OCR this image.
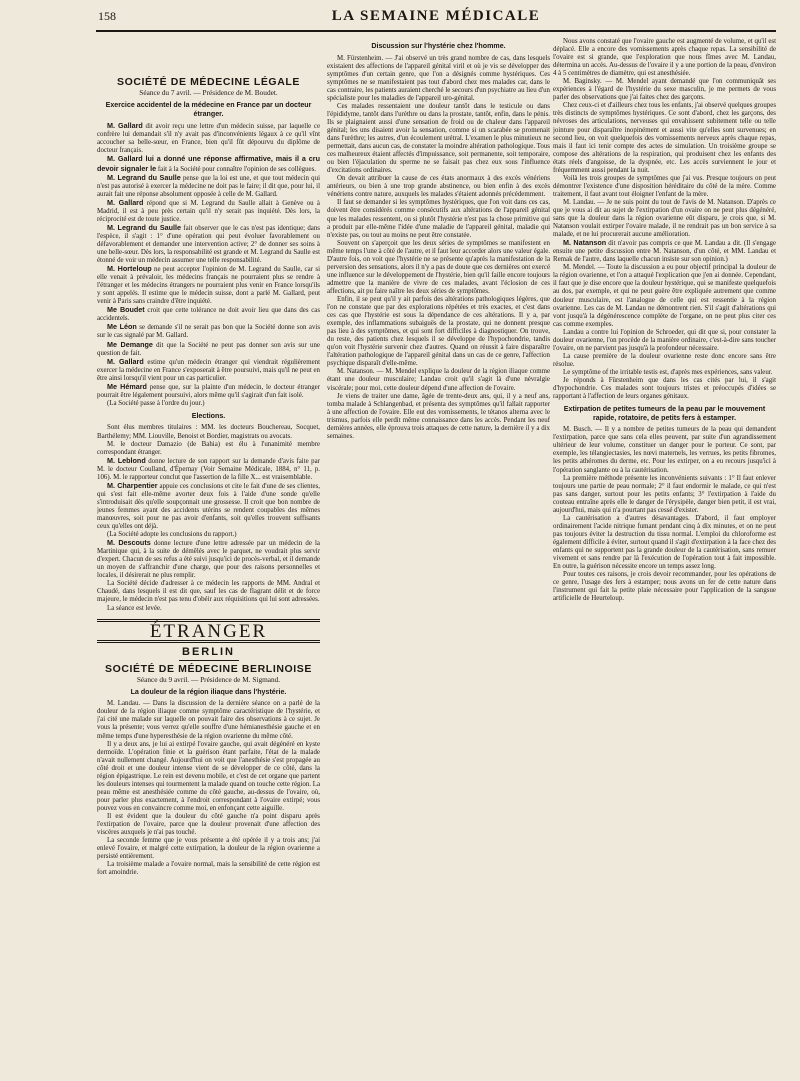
158	LA SEMAINE MÉDICALE
SOCIÉTÉ DE MÉDECINE LÉGALE
Séance du 7 avril. — Présidence de M. Boudet.
Exercice accidentel de la médecine en France par un docteur étranger.

M. Gallard dit avoir reçu une lettre d'un médecin suisse, par laquelle ce confrère lui demandait s'il n'y avait pas d'inconvénients légaux à ce qu'il vînt accoucher sa belle-sœur, en France, bien qu'il fût dépourvu du diplôme de docteur français.

M. Gallard lui a donné une réponse affirmative, mais il a cru devoir signaler le fait à la Société pour connaître l'opinion de ses collègues.

M. Legrand du Saulle pense que la loi est une, et que tout médecin qui n'est pas autorisé à exercer la médecine ne doit pas le faire; il dit que, pour lui, il aurait fait une réponse absolument opposée à celle de M. Gallard.

M. Gallard répond que si M. Legrand du Saulle allait à Genève ou à Madrid, il est à peu près certain qu'il n'y serait pas inquiété. Dès lors, la réciprocité est de toute justice.

M. Legrand du Saulle fait observer que le cas n'est pas identique; dans l'espèce, il s'agit : 1° d'une opération qui peut évoluer favorablement ou défavorablement et demander une intervention active; 2° de donner ses soins à une belle-sœur. Dès lors, la responsabilité est grande et M. Legrand du Saulle est étonné de voir un médecin assumer une telle responsabilité.

M. Horteloup ne peut accepter l'opinion de M. Legrand du Saulle, car si elle venait à prévaloir, les médecins français ne pourraient plus se rendre à l'étranger et les médecins étrangers ne pourraient plus venir en France lorsqu'ils y sont appelés. Il estime que le médecin suisse, dont a parlé M. Gallard, peut venir à Paris sans craindre d'être inquiété.

Me Boudet croit que cette tolérance ne doit avoir lieu que dans des cas accidentels.

Me Léon se demande s'il ne serait pas bon que la Société donne son avis sur le cas signalé par M. Gallard.

Me Demange dit que la Société ne peut pas donner son avis sur une question de fait.

M. Gallard estime qu'un médecin étranger qui viendrait régulièrement exercer la médecine en France s'exposerait à être poursuivi, mais qu'il ne peut en être ainsi lorsqu'il vient pour un cas particulier.

Me Hémard pense que, sur la plainte d'un médecin, le docteur étranger pourrait être légalement poursuivi, alors même qu'il s'agirait d'un fait isolé.

(La Société passe à l'ordre du jour.)

Elections.

Sont élus membres titulaires : MM. les docteurs Bouchereau, Socquet, Barthélemy; MM. Liouville, Benoist et Bordier, magistrats ou avocats.

M. le docteur Damazio (de Bahia) est élu à l'unanimité membre correspondant étranger.

M. Leblond donne lecture de son rapport sur la demande d'avis faite par M. le docteur Coulland, d'Épernay (Voir Semaine Médicale, 1884, n° 11, p. 106). M. le rapporteur conclut que l'assertion de la fille X... est vraisemblable.

M. Charpentier appuie ces conclusions et cite le fait d'une de ses clientes, qui s'est fait elle-même avorter deux fois à l'aide d'une sonde qu'elle s'introduisait dès qu'elle soupçonnait une grossesse. Il croit que bon nombre de jeunes femmes ayant des accidents utérins se rendent coupables des mêmes manœuvres, soit pour ne pas avoir d'enfants, soit qu'elles trouvent suffisants ceux qu'elles ont déjà.

(La Société adopte les conclusions du rapport.)

M. Descouts donne lecture d'une lettre adressée par un médecin de la Martinique qui, à la suite de démêlés avec le parquet, ne voudrait plus servir d'expert. Chacun de ses refus a été suivi jusqu'ici de procès-verbal, et il demande un moyen de s'affranchir d'une charge, que pour des raisons personnelles et locales, il désirerait ne plus remplir.

La Société décide d'adresser à ce médecin les rapports de MM. Andral et Chaudé, dans lesquels il est dit que, sauf les cas de flagrant délit et de force majeure, le médecin n'est pas tenu d'obéir aux réquisitions qui lui sont adressées.

La séance est levée.

ÉTRANGER
BERLIN
SOCIÉTÉ DE MÉDECINE BERLINOISE
Séance du 9 avril. — Présidence de M. Sigmand.
La douleur de la région iliaque dans l'hystérie.

M. Landau. — Dans la discussion de la dernière séance on a parlé de la douleur de la région iliaque comme symptôme caractéristique de l'hystérie, et j'ai cité une malade sur laquelle on pouvait faire des observations à ce sujet. Je vous la présente; vous verrez qu'elle souffre d'une hémianesthésie gauche et en même temps d'une hyperesthésie de la région ovarienne du même côté.

Il y a deux ans, je lui ai extirpé l'ovaire gauche, qui avait dégénéré en kyste dermoïde. L'opération finie et la guérison étant parfaite, l'état de la malade n'avait nullement changé. Aujourd'hui on voit que l'anesthésie s'est propagée au côté droit et une douleur intense vient de se développer de ce côté, dans la région épigastrique. Le rein est devenu mobile, et c'est de cet organe que partent les douleurs intenses qui tourmentent la malade quand on touche cette région. La peau même est anesthésiée comme du côté gauche, au-dessus de l'ovaire, où, pour parler plus exactement, à l'endroit correspondant à l'ovaire extirpé; vous pouvez vous en convaincre comme moi, en enfonçant cette aiguille.

Il est évident que la douleur du côté gauche n'a point disparu après l'extirpation de l'ovaire, parce que la douleur provenait d'une affection des viscères auxquels je n'ai pas touché.

La seconde femme que je vous présente a été opérée il y a trois ans; j'ai enlevé l'ovaire, et malgré cette extirpation, la douleur de la région ovarienne a persisté entièrement.

La troisième malade a l'ovaire normal, mais la sensibilité de cette région est fort amoindrie.

Discussion sur l'hystérie chez l'homme.

M. Fürstenheim. — J'ai observé un très grand nombre de cas, dans lesquels existaient des affections de l'appareil génital viril et où je vis se développer des symptômes d'un certain genre, que l'on a désignés comme hystériques. Ces symptômes ne se manifestaient pas tout d'abord chez mes malades car, dans le cas contraire, les patients auraient cherché le secours d'un psychiatre au lieu d'un spécialiste pour les maladies de l'appareil uro-génital.

Ces malades ressentaient une douleur tantôt dans le testicule ou dans l'épididyme, tantôt dans l'urèthre ou dans la prostate, tantôt, enfin, dans le pénis. Ils se plaignaient aussi d'une sensation de froid ou de chaleur dans l'appareil génital; les uns disaient avoir la sensation, comme si un scarabée se promenait dans l'urèthre; les autres, d'un écoulement urétral. L'examen le plus minutieux ne permettait, dans aucun cas, de constater la moindre altération pathologique. Tous ces malheureux étaient affectés d'impuissance, soit permanente, soit temporaire, ou bien l'éjaculation du sperme ne se faisait pas chez eux sous l'influence d'excitations ordinaires.

On devait attribuer la cause de ces états anormaux à des excès vénériens antérieurs, ou bien à une trop grande abstinence, ou bien enfin à des excès vénériens contre nature, auxquels les malades s'étaient adonnés précédemment.

Il faut se demander si les symptômes hystériques, que l'on voit dans ces cas, doivent être considérés comme consécutifs aux altérations de l'appareil génital que les malades ressentent, ou si plutôt l'hystérie n'est pas la chose primitive qui a produit par elle-même l'idée d'une maladie de l'appareil génital, maladie qui n'existe pas, ou tout au moins ne peut être constatée.

Souvent on s'aperçoit que les deux séries de symptômes se manifestent en même temps l'une à côté de l'autre, et il faut leur accorder alors une valeur égale. D'autre fois, on voit que l'hystérie ne se présente qu'après la manifestation de la perversion des sensations, alors il n'y a pas de doute que ces dernières ont exercé une influence sur le développement de l'hystérie, bien qu'il faille encore toujours admettre que la manière de vivre de ces malades, avant l'éclosion de ces affections, ait pu faire naître les deux séries de symptômes.

Enfin, il se peut qu'il y ait parfois des altérations pathologiques légères, que l'on ne constate que par des explorations répétées et très exactes, et c'est dans ces cas que l'hystérie est sous la dépendance de ces altérations. Il y a, par exemple, des inflammations subaiguës de la prostate, qui ne donnent presque pas lieu à des symptômes, et qui sont fort difficiles à diagnostiquer. On trouve, du reste, des patients chez lesquels il se développe de l'hypochondrie, tandis qu'on voit l'hystérie survenir chez d'autres. Quand on réussit à faire disparaître l'altération pathologique de l'appareil génital dans un cas de ce genre, l'affection psychique disparaît d'elle-même.

M. Natanson. — M. Mendel explique la douleur de la région iliaque comme étant une douleur musculaire; Landau croit qu'il s'agit là d'une névralgie viscérale; pour moi, cette douleur dépend d'une affection de l'ovaire.

Je viens de traiter une dame, âgée de trente-deux ans, qui, il y a neuf ans, tomba malade à Schlangenbad, et présenta des symptômes qu'il fallait rapporter à une affection de l'ovaire. Elle eut des vomissements, le tétanos alterna avec le trismus, parfois elle perdit même connaissance dans les accès. Pendant les neuf dernières années, elle éprouva trois attaques de cette nature, la dernière il y a dix semaines.

Nous avons constaté que l'ovaire gauche est augmenté de volume, et qu'il est déplacé. Elle a encore des vomissements après chaque repas. La sensibilité de l'ovaire est si grande, que l'exploration que nous fîmes avec M. Landau, détermina un accès. Au-dessus de l'ovaire il y a une portion de la peau, d'environ 4 à 5 centimètres de diamètre, qui est anesthésiée.

M. Baginsky. — M. Mendel ayant demandé que l'on communiquât ses expériences à l'égard de l'hystérie du sexe masculin, je me permets de vous parler des observations que j'ai faites chez des garçons.

Chez ceux-ci et d'ailleurs chez tous les enfants, j'ai observé quelques groupes très distincts de symptômes hystériques. Ce sont d'abord, chez les garçons, des névroses des articulations, nerveuses qui envahissent subitement telle ou telle jointure pour disparaître inopinément et aussi vite qu'elles sont survenues; en second lieu, on voit quelquefois des vomissements nerveux après chaque repas, mais il faut ici tenir compte des actes de simulation. Un troisième groupe se compose des altérations de la respiration, qui produisent chez les enfants des états réels d'angoisse, de la dyspnée, etc. Les accès surviennent le jour et fréquemment aussi pendant la nuit.

Voilà les trois groupes de symptômes que j'ai vus. Presque toujours on peut démontrer l'existence d'une disposition héréditaire du côté de la mère. Comme traitement, il faut avant tout éloigner l'enfant de la mère.

M. Landau. — Je ne suis point du tout de l'avis de M. Natanson. D'après ce que je vous ai dit au sujet de l'extirpation d'un ovaire on ne peut plus dégénéré, sans que la douleur dans la région ovarienne eût disparu, je crois que, si M. Natanson voulait extirper l'ovaire malade, il ne rendrait pas un bon service à sa malade, et ne lui procurerait aucune amélioration.

M. Natanson dit n'avoir pas compris ce que M. Landau a dit. (Il s'engage ensuite une petite discussion entre M. Natanson, d'un côté, et MM. Landau et Remak de l'autre, dans laquelle chacun insiste sur son opinion.)

M. Mendel. — Toute la discussion a eu pour objectif principal la douleur de la région ovarienne, et l'on a attaqué l'explication que j'en ai donnée. Cependant, il faut que je dise encore que la douleur hystérique, qui se manifeste quelquefois au dos, par exemple, et qui ne peut guère être expliquée autrement que comme douleur musculaire, est l'analogue de celle qui est ressentie à la région ovarienne. Les cas de M. Landau ne démontrent rien. S'il s'agit d'altérations qui vont jusqu'à la dégénérescence complète de l'organe, on ne peut plus citer ces cas comme exemples.

Landau a contre lui l'opinion de Schroeder, qui dit que si, pour constater la douleur ovarienne, l'on procède de la manière ordinaire, c'est-à-dire sans toucher l'ovaire, on ne parvient pas jusqu'à la profondeur nécessaire.

La cause première de la douleur ovarienne reste donc encore sans être résolue.

Le symptôme of the irritable testis est, d'après mes expériences, sans valeur.

Je réponds à Fürstenheim que dans les cas cités par lui, il s'agit d'hypochondrie. Ces malades sont toujours tristes et préoccupés d'idées se rapportant à l'affection de leurs organes génitaux.

Extirpation de petites tumeurs de la peau par le mouvement rapide, rotatoire, de petits fers à estamper.

M. Busch. — Il y a nombre de petites tumeurs de la peau qui demandent l'extirpation, parce que sans cela elles peuvent, par suite d'un agrandissement ultérieur de leur volume, constituer un danger pour le porteur. Ce sont, par exemple, les télangiectasies, les nœvi maternels, les verrues, les petits fibromes, les petits athéromes du derme, etc. Pour les extirper, on a eu recours jusqu'ici à l'opération sanglante ou à la cautérisation.

La première méthode présente les inconvénients suivants : 1° Il faut enlever toujours une partie de peau normale; 2° il faut endormir le malade, ce qui n'est pas sans danger, surtout pour les petits enfants; 3° l'extirpation à l'aide du couteau entraîne après elle le danger de l'érysipèle, danger bien petit, il est vrai, aujourd'hui, mais qui n'a pourtant pas cessé d'exister.

La cautérisation a d'autres désavantages. D'abord, il faut employer ordinairement l'acide nitrique fumant pendant cinq à dix minutes, et on ne peut pas toujours éviter la destruction du tissu normal. L'emploi du chloroforme est également difficile à éviter, surtout quand il s'agit d'extirpation à la face chez des enfants qui ne supportent pas la grande douleur de la cautérisation, sans remuer vivement et sans rendre par là l'exécution de l'opération tout à fait impossible. En outre, la guérison nécessite encore un temps assez long.

Pour toutes ces raisons, je crois devoir recommander, pour les opérations de ce genre, l'usage des fers à estamper; nous avons un fer de cette nature dans l'instrument qui fait la petite plaie nécessaire pour l'application de la sangsue artificielle de Heurteloup.
